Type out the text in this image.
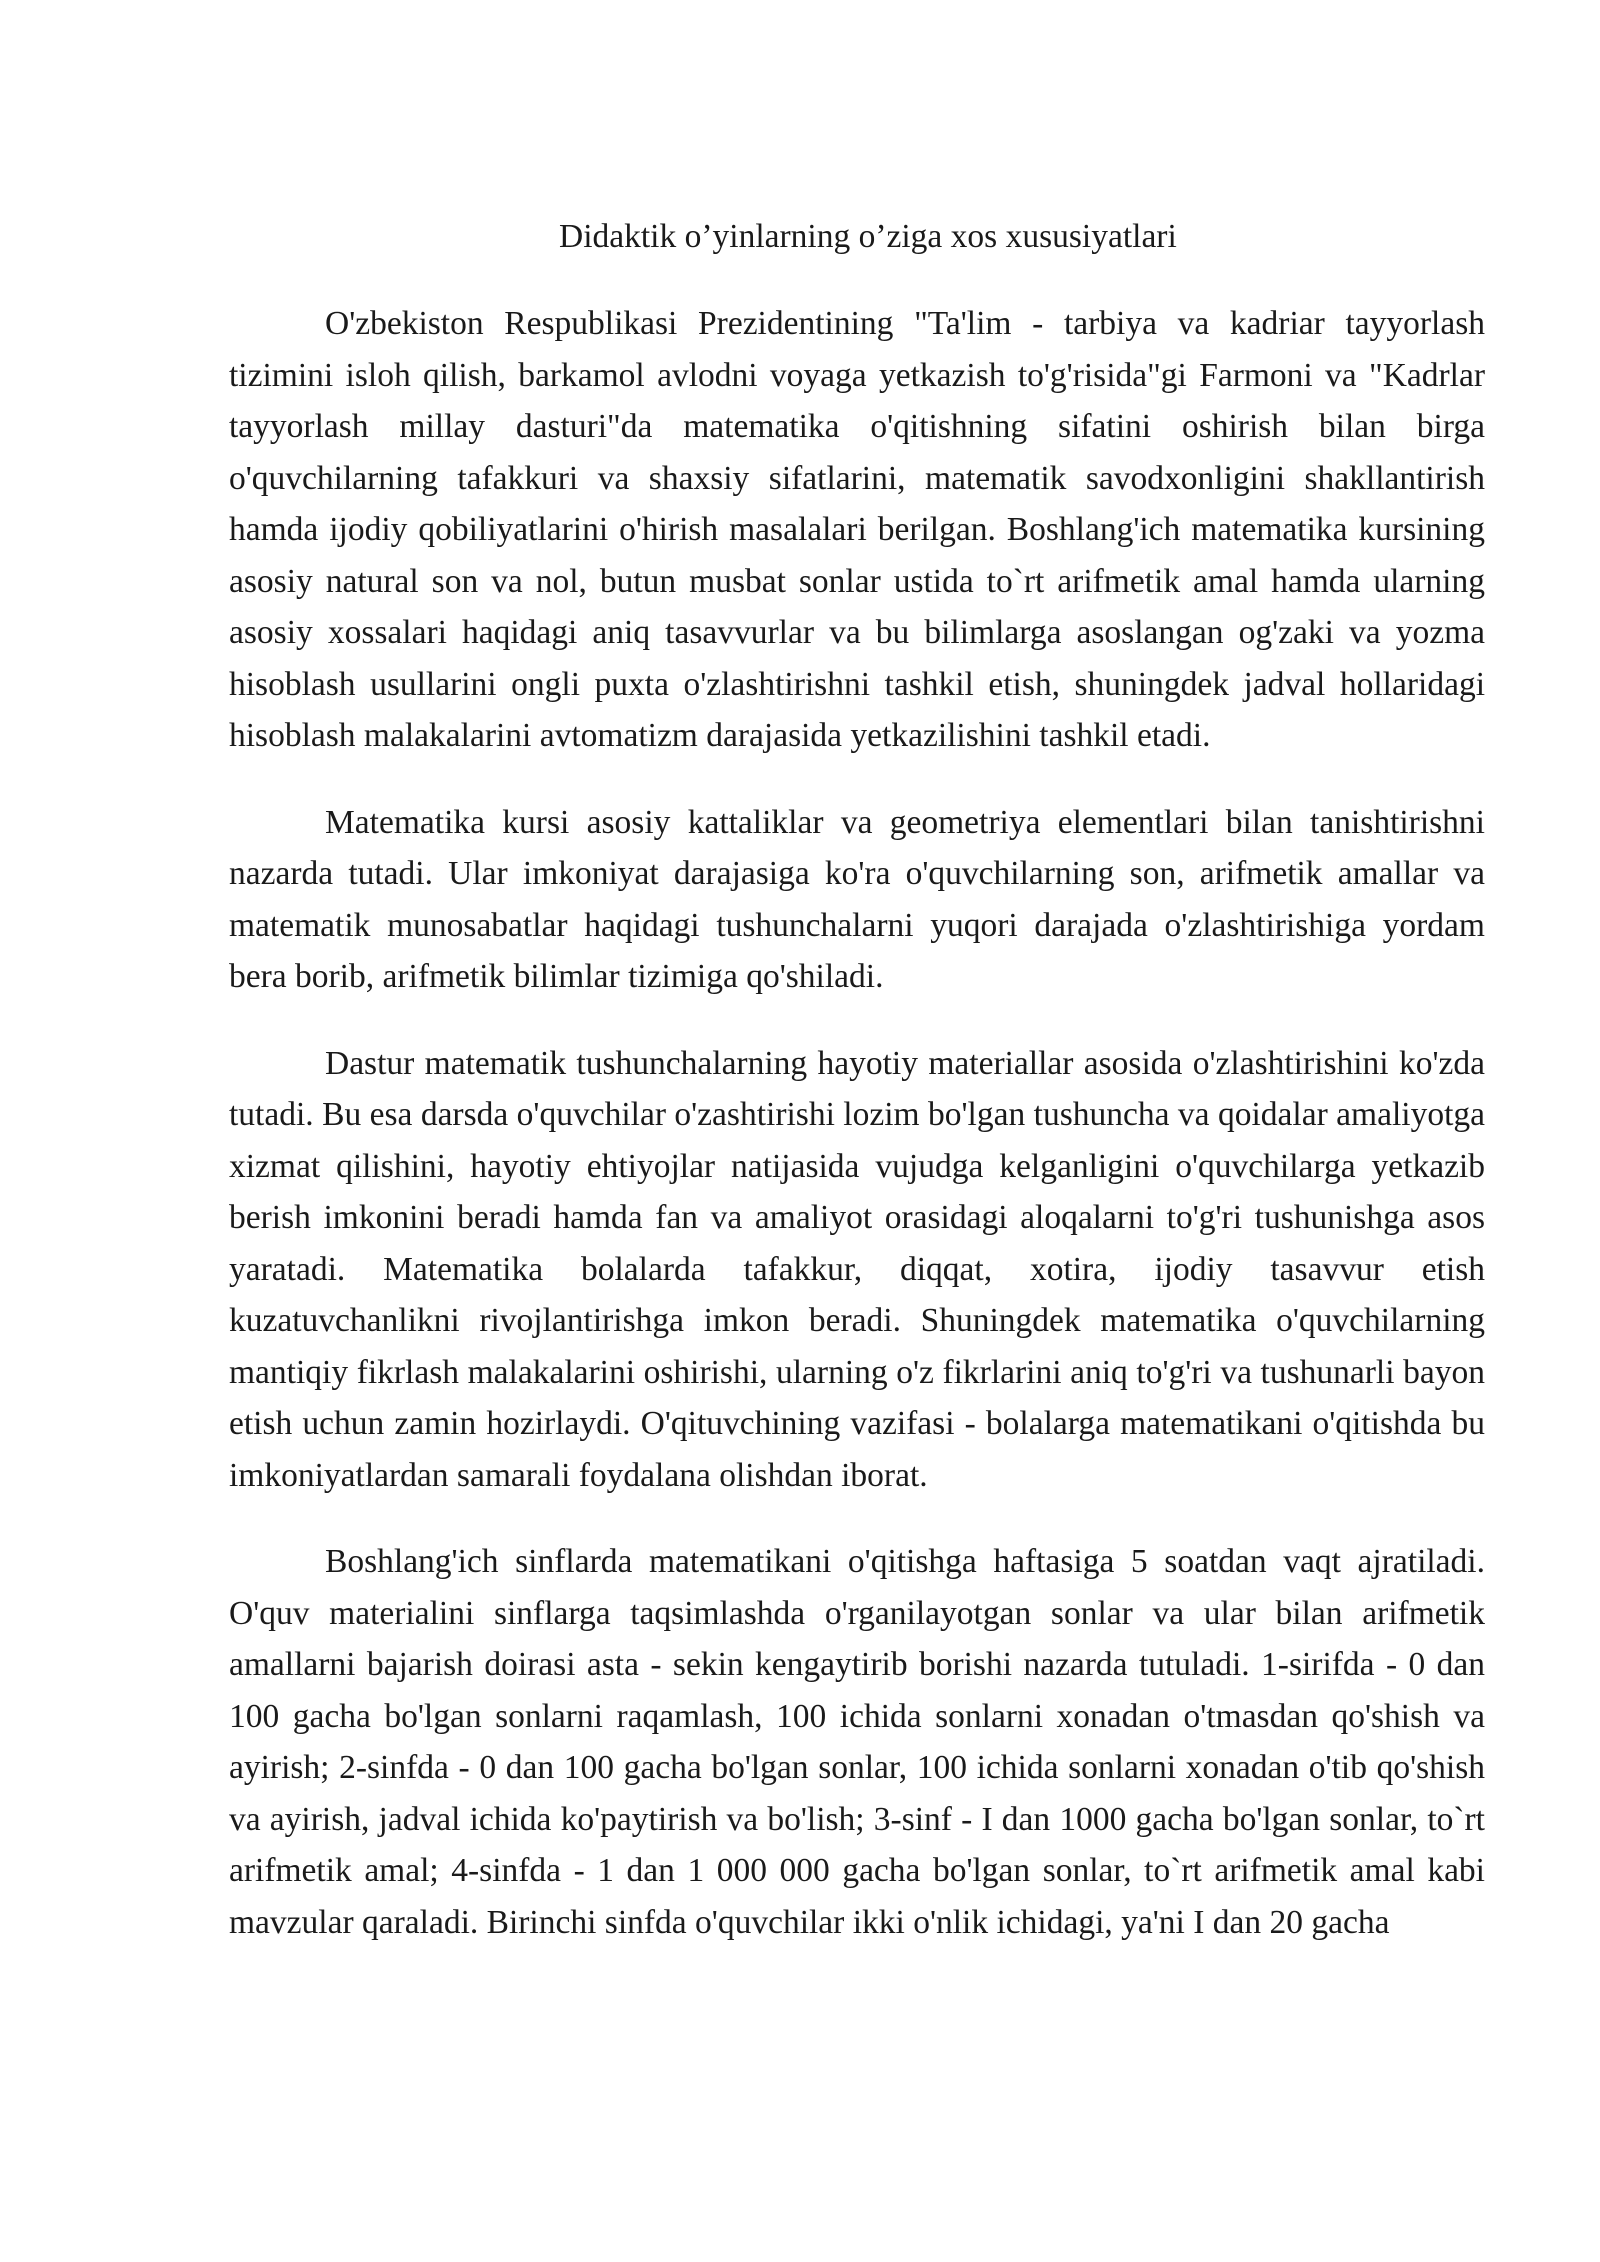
Didaktik o’yinlarning o’ziga xos xususiyatlari

O'zbekiston Respublikasi Prezidentining "Ta'lim - tarbiya va kadriar tayyorlash tizimini isloh qilish, barkamol avlodni voyaga yetkazish to'g'risida"gi Farmoni va "Kadrlar tayyorlash millay dasturi"da matematika o'qitishning sifatini oshirish bilan birga o'quvchilarning tafakkuri va shaxsiy sifatlarini, matematik savodxonligini shakllantirish hamda ijodiy qobiliyatlarini o'hirish masalalari berilgan. Boshlang'ich matematika kursining asosiy natural son va nol, butun musbat sonlar ustida to`rt arifmetik amal hamda ularning asosiy xossalari haqidagi aniq tasavvurlar va bu bilimlarga asoslangan og'zaki va yozma hisoblash usullarini ongli puxta o'zlashtirishni tashkil etish, shuningdek jadval hollaridagi hisoblash malakalarini avtomatizm darajasida yetkazilishini tashkil etadi.

Matematika kursi asosiy kattaliklar va geometriya elementlari bilan tanishtirishni nazarda tutadi. Ular imkoniyat darajasiga ko'ra o'quvchilarning son, arifmetik amallar va matematik munosabatlar haqidagi tushunchalarni yuqori darajada o'zlashtirishiga yordam bera borib, arifmetik bilimlar tizimiga qo'shiladi.

Dastur matematik tushunchalarning hayotiy materiallar asosida o'zlashtirishini ko'zda tutadi. Bu esa darsda o'quvchilar o'zashtirishi lozim bo'lgan tushuncha va qoidalar amaliyotga xizmat qilishini, hayotiy ehtiyojlar natijasida vujudga kelganligini o'quvchilarga yetkazib berish imkonini beradi hamda fan va amaliyot orasidagi aloqalarni to'g'ri tushunishga asos yaratadi. Matematika bolalarda tafakkur, diqqat, xotira, ijodiy tasavvur etish kuzatuvchanlikni rivojlantirishga imkon beradi. Shuningdek matematika o'quvchilarning mantiqiy fikrlash malakalarini oshirishi, ularning o'z fikrlarini aniq to'g'ri va tushunarli bayon etish uchun zamin hozirlaydi. O'qituvchining vazifasi - bolalarga matematikani o'qitishda bu imkoniyatlardan samarali foydalana olishdan iborat.

Boshlang'ich sinflarda matematikani o'qitishga haftasiga 5 soatdan vaqt ajratiladi. O'quv materialini sinflarga taqsimlashda o'rganilayotgan sonlar va ular bilan arifmetik amallarni bajarish doirasi asta - sekin kengaytirib borishi nazarda tutuladi. 1-sirifda - 0 dan 100 gacha bo'lgan sonlarni raqamlash, 100 ichida sonlarni xonadan o'tmasdan qo'shish va ayirish; 2-sinfda - 0 dan 100 gacha bo'lgan sonlar, 100 ichida sonlarni xonadan o'tib qo'shish va ayirish, jadval ichida ko'paytirish va bo'lish; 3-sinf - I dan 1000 gacha bo'lgan sonlar, to`rt arifmetik amal; 4-sinfda - 1 dan 1 000 000 gacha bo'lgan sonlar, to`rt arifmetik amal kabi mavzular qaraladi. Birinchi sinfda o'quvchilar ikki o'nlik ichidagi, ya'ni I dan 20 gacha
